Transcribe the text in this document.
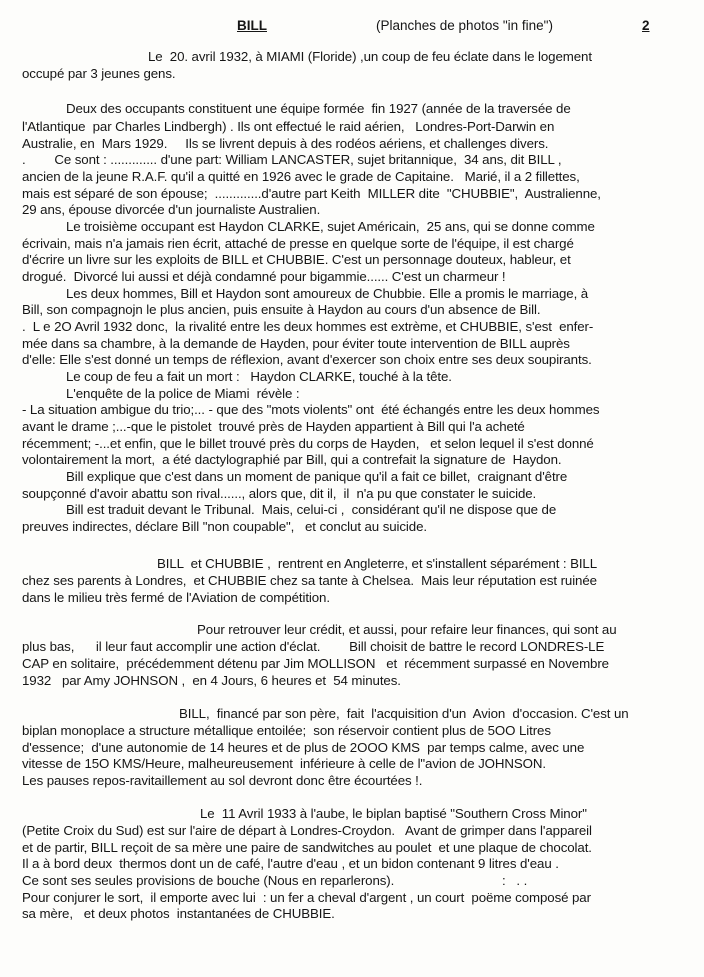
BILL	(Planches de photos "in fine")	2
Le  20. avril 1932, à MIAMI (Floride) ,un coup de feu éclate dans le logement
occupé par 3 jeunes gens.
Deux des occupants constituent une équipe formée  fin 1927 (année de la traversée de
l'Atlantique  par Charles Lindbergh) . Ils ont effectué le raid aérien,   Londres-Port-Darwin en
Australie, en  Mars 1929.     Ils se livrent depuis à des rodéos aériens, et challenges divers.
.        Ce sont : ............. d'une part: William LANCASTER, sujet britannique,  34 ans, dit BILL ,
ancien de la jeune R.A.F. qu'il a quitté en 1926 avec le grade de Capitaine.   Marié, il a 2 fillettes,
mais est séparé de son épouse;  .............d'autre part Keith  MILLER dite  "CHUBBIE",  Australienne,
29 ans, épouse divorcée d'un journaliste Australien.
Le troisième occupant est Haydon CLARKE, sujet Américain,  25 ans, qui se donne comme
écrivain, mais n'a jamais rien écrit, attaché de presse en quelque sorte de l'équipe, il est chargé
d'écrire un livre sur les exploits de BILL et CHUBBIE. C'est un personnage douteux, hableur, et
drogué.  Divorcé lui aussi et déjà condamné pour bigammie...... C'est un charmeur !
Les deux hommes, Bill et Haydon sont amoureux de Chubbie. Elle a promis le marriage, à
Bill, son compagnojn le plus ancien, puis ensuite à Haydon au cours d'un absence de Bill.
.  L e 2O Avril 1932 donc,  la rivalité entre les deux hommes est extrème, et CHUBBIE, s'est  enfer-
mée dans sa chambre, à la demande de Hayden, pour éviter toute intervention de BILL auprès
d'elle: Elle s'est donné un temps de réflexion, avant d'exercer son choix entre ses deux soupirants.
Le coup de feu a fait un mort :   Haydon CLARKE, touché à la tête.
L'enquête de la police de Miami  révèle :
- La situation ambigue du trio;... - que des "mots violents" ont  été échangés entre les deux hommes
avant le drame ;...-que le pistolet  trouvé près de Hayden appartient à Bill qui l'a acheté
récemment; -...et enfin, que le billet trouvé près du corps de Hayden,   et selon lequel il s'est donné
volontairement la mort,  a été dactylographié par Bill, qui a contrefait la signature de  Haydon.
Bill explique que c'est dans un moment de panique qu'il a fait ce billet,  craignant d'être
soupçonné d'avoir abattu son rival......, alors que, dit il,  il  n'a pu que constater le suicide.
Bill est traduit devant le Tribunal.  Mais, celui-ci ,  considérant qu'il ne dispose que de
preuves indirectes, déclare Bill "non coupable",   et conclut au suicide.
BILL  et CHUBBIE ,  rentrent en Angleterre, et s'installent séparément : BILL
chez ses parents à Londres,  et CHUBBIE chez sa tante à Chelsea.  Mais leur réputation est ruinée
dans le milieu très fermé de l'Aviation de compétition.
Pour retrouver leur crédit, et aussi, pour refaire leur finances, qui sont au
plus bas,      il leur faut accomplir une action d'éclat.        Bill choisit de battre le record LONDRES-LE
CAP en solitaire,  précédemment détenu par Jim MOLLISON   et  récemment surpassé en Novembre
1932   par Amy JOHNSON ,  en 4 Jours, 6 heures et  54 minutes.
BILL,  financé par son père,  fait  l'acquisition d'un  Avion  d'occasion. C'est un
biplan monoplace a structure métallique entoilée;  son réservoir contient plus de 5OO Litres
d'essence;  d'une autonomie de 14 heures et de plus de 2OOO KMS  par temps calme, avec une
vitesse de 15O KMS/Heure, malheureusement  inférieure à celle de l"avion de JOHNSON.
Les pauses repos-ravitaillement au sol devront donc être écourtées !.
Le  11 Avril 1933 à l'aube, le biplan baptisé "Southern Cross Minor"
(Petite Croix du Sud) est sur l'aire de départ à Londres-Croydon.   Avant de grimper dans l'appareil
et de partir, BILL reçoit de sa mère une paire de sandwitches au poulet  et une plaque de chocolat.
Il a à bord deux  thermos dont un de café, l'autre d'eau , et un bidon contenant 9 litres d'eau .
Ce sont ses seules provisions de bouche (Nous en reparlerons).                              :   . .
Pour conjurer le sort,  il emporte avec lui  : un fer a cheval d'argent , un court  poëme composé par
sa mère,   et deux photos  instantanées de CHUBBIE.
